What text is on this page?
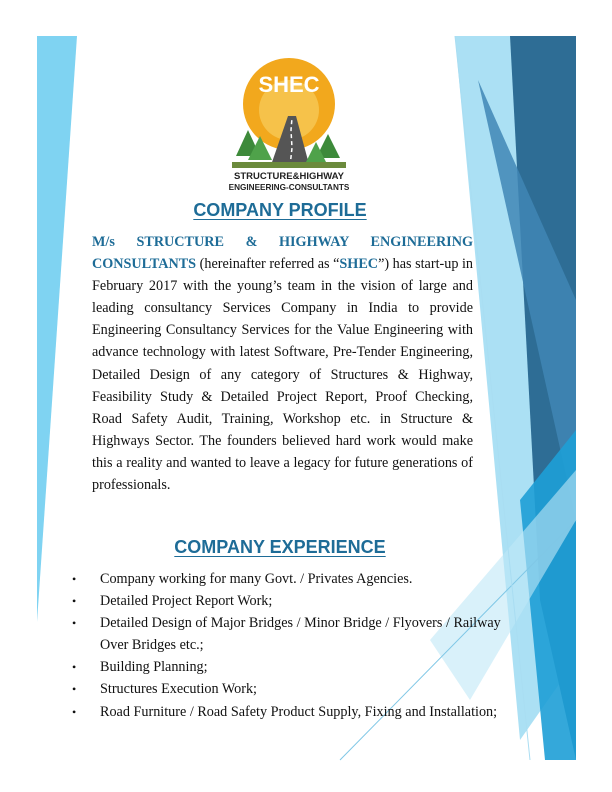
SHEC
STRUCTURE&HIGHWAY
ENGINEERING-CONSULTANTS
COMPANY PROFILE

M/s STRUCTURE & HIGHWAY ENGINEERING CONSULTANTS (hereinafter referred as “SHEC”) has start-up in February 2017 with the young’s team in the vision of large and leading consultancy Services Company in India to provide Engineering Consultancy Services for the Value Engineering with advance technology with latest Software, Pre-Tender Engineering, Detailed Design of any category of Structures & Highway, Feasibility Study & Detailed Project Report, Proof Checking, Road Safety Audit, Training, Workshop etc. in Structure & Highways Sector. The founders believed hard work would make this a reality and wanted to leave a legacy for future generations of professionals.

COMPANY EXPERIENCE
• Company working for many Govt. / Privates Agencies.
• Detailed Project Report Work;
• Detailed Design of Major Bridges / Minor Bridge / Flyovers / Railway Over Bridges etc.;
• Building Planning;
• Structures Execution Work;
• Road Furniture / Road Safety Product Supply, Fixing and Installation;
